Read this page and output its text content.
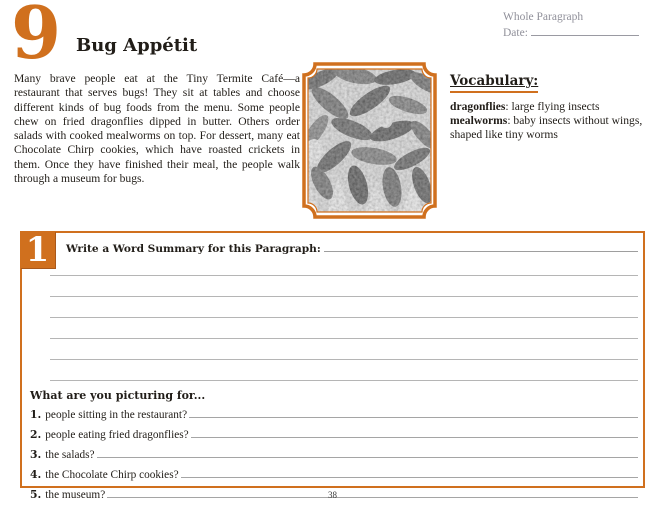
9 Bug Appétit
Whole Paragraph
Date:
Many brave people eat at the Tiny Termite Café—a restaurant that serves bugs! They sit at tables and choose different kinds of bug foods from the menu. Some people chew on fried dragonflies dipped in butter. Others order salads with cooked mealworms on top. For dessert, many eat Chocolate Chirp cookies, which have roasted crickets in them. Once they have finished their meal, the people walk through a museum for bugs.
Vocabulary:
dragonflies: large flying insects
mealworms: baby insects without wings, shaped like tiny worms
1	Write a Word Summary for this Paragraph:
What are you picturing for...
1. people sitting in the restaurant?
2. people eating fried dragonflies?
3. the salads?
4. the Chocolate Chirp cookies?
5. the museum?	38
